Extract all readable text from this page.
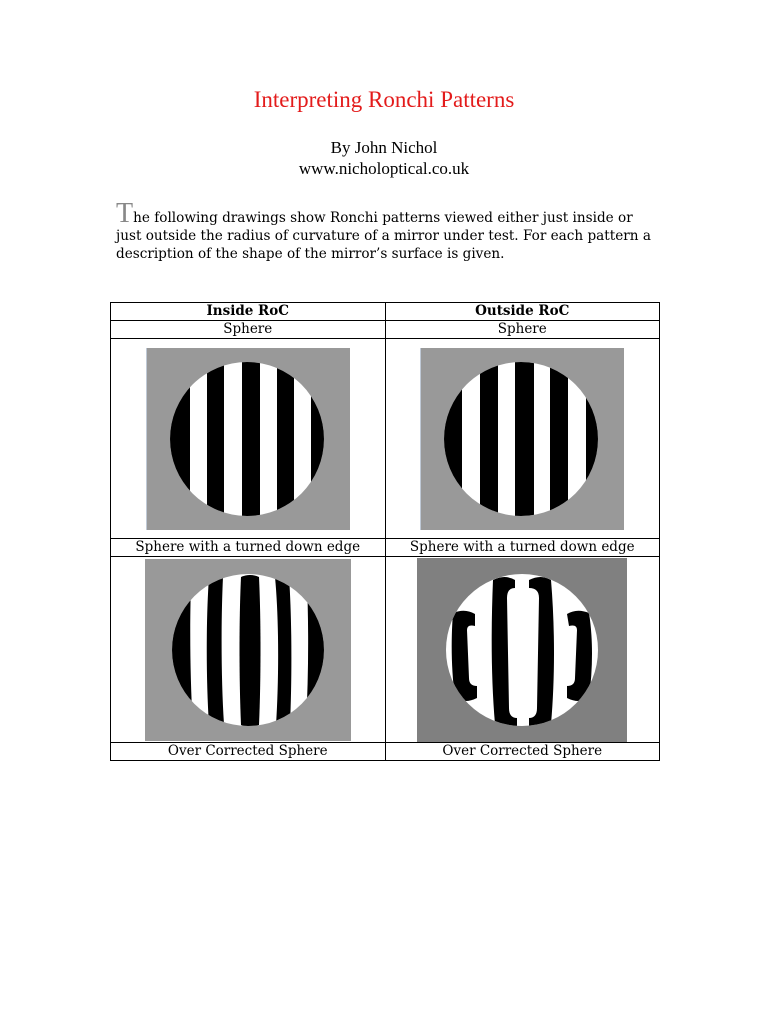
Interpreting Ronchi Patterns
By John Nichol
www.nicholoptical.co.uk

The following drawings show Ronchi patterns viewed either just inside or just outside the radius of curvature of a mirror under test. For each pattern a description of the shape of the mirror’s surface is given.

Inside RoC	Outside RoC
Sphere	Sphere

Sphere with a turned down edge	Sphere with a turned down edge

Over Corrected Sphere	Over Corrected Sphere
